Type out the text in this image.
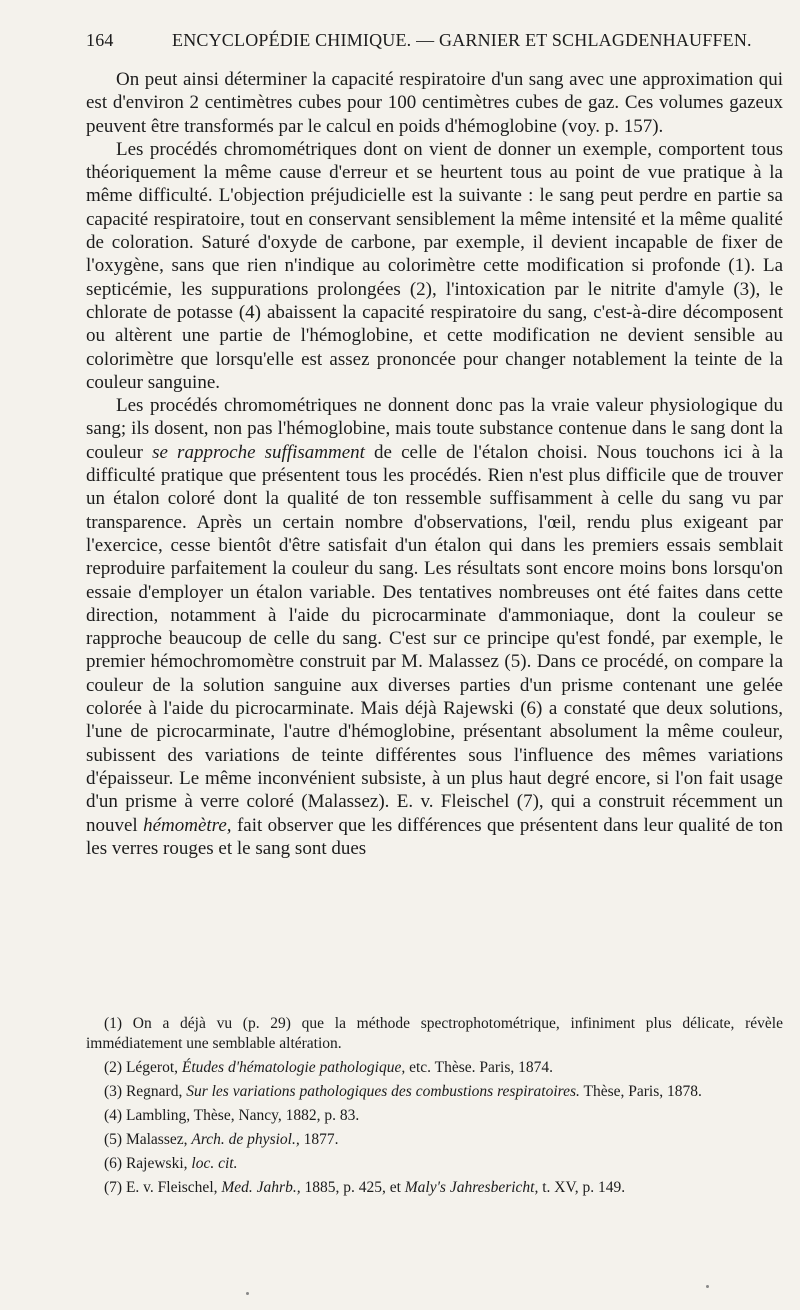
164	ENCYCLOPÉDIE CHIMIQUE. — GARNIER ET SCHLAGDENHAUFFEN.

On peut ainsi déterminer la capacité respiratoire d'un sang avec une approximation qui est d'environ 2 centimètres cubes pour 100 centimètres cubes de gaz. Ces volumes gazeux peuvent être transformés par le calcul en poids d'hémoglobine (voy. p. 157).

Les procédés chromométriques dont on vient de donner un exemple, comportent tous théoriquement la même cause d'erreur et se heurtent tous au point de vue pratique à la même difficulté. L'objection préjudicielle est la suivante : le sang peut perdre en partie sa capacité respiratoire, tout en conservant sensiblement la même intensité et la même qualité de coloration. Saturé d'oxyde de carbone, par exemple, il devient incapable de fixer de l'oxygène, sans que rien n'indique au colorimètre cette modification si profonde (1). La septicémie, les suppurations prolongées (2), l'intoxication par le nitrite d'amyle (3), le chlorate de potasse (4) abaissent la capacité respiratoire du sang, c'est-à-dire décomposent ou altèrent une partie de l'hémoglobine, et cette modification ne devient sensible au colorimètre que lorsqu'elle est assez prononcée pour changer notablement la teinte de la couleur sanguine.

Les procédés chromométriques ne donnent donc pas la vraie valeur physiologique du sang; ils dosent, non pas l'hémoglobine, mais toute substance contenue dans le sang dont la couleur se rapproche suffisamment de celle de l'étalon choisi. Nous touchons ici à la difficulté pratique que présentent tous les procédés. Rien n'est plus difficile que de trouver un étalon coloré dont la qualité de ton ressemble suffisamment à celle du sang vu par transparence. Après un certain nombre d'observations, l'œil, rendu plus exigeant par l'exercice, cesse bientôt d'être satisfait d'un étalon qui dans les premiers essais semblait reproduire parfaitement la couleur du sang. Les résultats sont encore moins bons lorsqu'on essaie d'employer un étalon variable. Des tentatives nombreuses ont été faites dans cette direction, notamment à l'aide du picrocarminate d'ammoniaque, dont la couleur se rapproche beaucoup de celle du sang. C'est sur ce principe qu'est fondé, par exemple, le premier hémochromomètre construit par M. Malassez (5). Dans ce procédé, on compare la couleur de la solution sanguine aux diverses parties d'un prisme contenant une gelée colorée à l'aide du picrocarminate. Mais déjà Rajewski (6) a constaté que deux solutions, l'une de picrocarminate, l'autre d'hémoglobine, présentant absolument la même couleur, subissent des variations de teinte différentes sous l'influence des mêmes variations d'épaisseur. Le même inconvénient subsiste, à un plus haut degré encore, si l'on fait usage d'un prisme à verre coloré (Malassez). E. v. Fleischel (7), qui a construit récemment un nouvel hémomètre, fait observer que les différences que présentent dans leur qualité de ton les verres rouges et le sang sont dues

(1) On a déjà vu (p. 29) que la méthode spectrophotométrique, infiniment plus délicate, révèle immédiatement une semblable altération.

(2) Légerot, Études d'hématologie pathologique, etc. Thèse. Paris, 1874.

(3) Regnard, Sur les variations pathologiques des combustions respiratoires. Thèse, Paris, 1878.

(4) Lambling, Thèse, Nancy, 1882, p. 83.

(5) Malassez, Arch. de physiol., 1877.

(6) Rajewski, loc. cit.

(7) E. v. Fleischel, Med. Jahrb., 1885, p. 425, et Maly's Jahresbericht, t. XV, p. 149.
